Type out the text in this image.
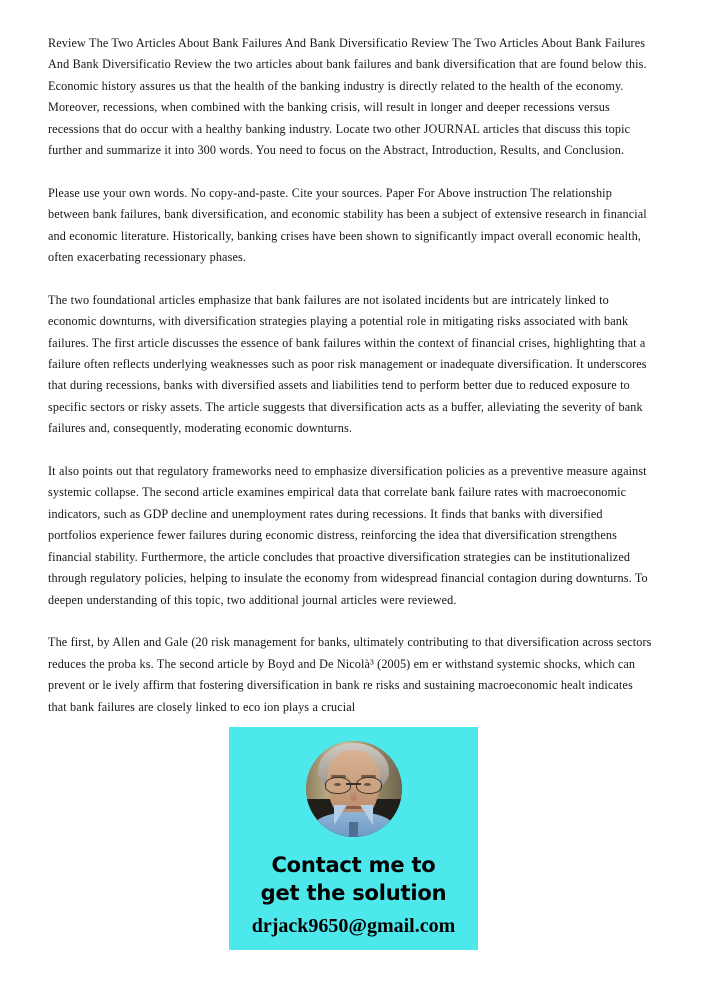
Review The Two Articles About Bank Failures And Bank Diversificatio Review The Two Articles About Bank Failures And Bank Diversificatio Review the two articles about bank failures and bank diversification that are found below this. Economic history assures us that the health of the banking industry is directly related to the health of the economy. Moreover, recessions, when combined with the banking crisis, will result in longer and deeper recessions versus recessions that do occur with a healthy banking industry. Locate two other JOURNAL articles that discuss this topic further and summarize it into 300 words. You need to focus on the Abstract, Introduction, Results, and Conclusion.

Please use your own words. No copy-and-paste. Cite your sources. Paper For Above instruction The relationship between bank failures, bank diversification, and economic stability has been a subject of extensive research in financial and economic literature. Historically, banking crises have been shown to significantly impact overall economic health, often exacerbating recessionary phases.

The two foundational articles emphasize that bank failures are not isolated incidents but are intricately linked to economic downturns, with diversification strategies playing a potential role in mitigating risks associated with bank failures. The first article discusses the essence of bank failures within the context of financial crises, highlighting that a failure often reflects underlying weaknesses such as poor risk management or inadequate diversification. It underscores that during recessions, banks with diversified assets and liabilities tend to perform better due to reduced exposure to specific sectors or risky assets. The article suggests that diversification acts as a buffer, alleviating the severity of bank failures and, consequently, moderating economic downturns.

It also points out that regulatory frameworks need to emphasize diversification policies as a preventive measure against systemic collapse. The second article examines empirical data that correlate bank failure rates with macroeconomic indicators, such as GDP decline and unemployment rates during recessions. It finds that banks with diversified portfolios experience fewer failures during economic distress, reinforcing the idea that diversification strengthens financial stability. Furthermore, the article concludes that proactive diversification strategies can be institutionalized through regulatory policies, helping to insulate the economy from widespread financial contagion during downturns. To deepen understanding of this topic, two additional journal articles were reviewed.

The first, by Allen and Gale (20 risk management for banks, ultimately contributing to that diversification across sectors reduces the proba ks. The second article by Boyd and De Nicolà³ (2005) em er withstand systemic shocks, which can prevent or le ively affirm that fostering diversification in bank re risks and sustaining macroeconomic healt indicates that bank failures are closely linked to eco ion plays a crucial

Contact me to
get the solution
drjack9650@gmail.com
